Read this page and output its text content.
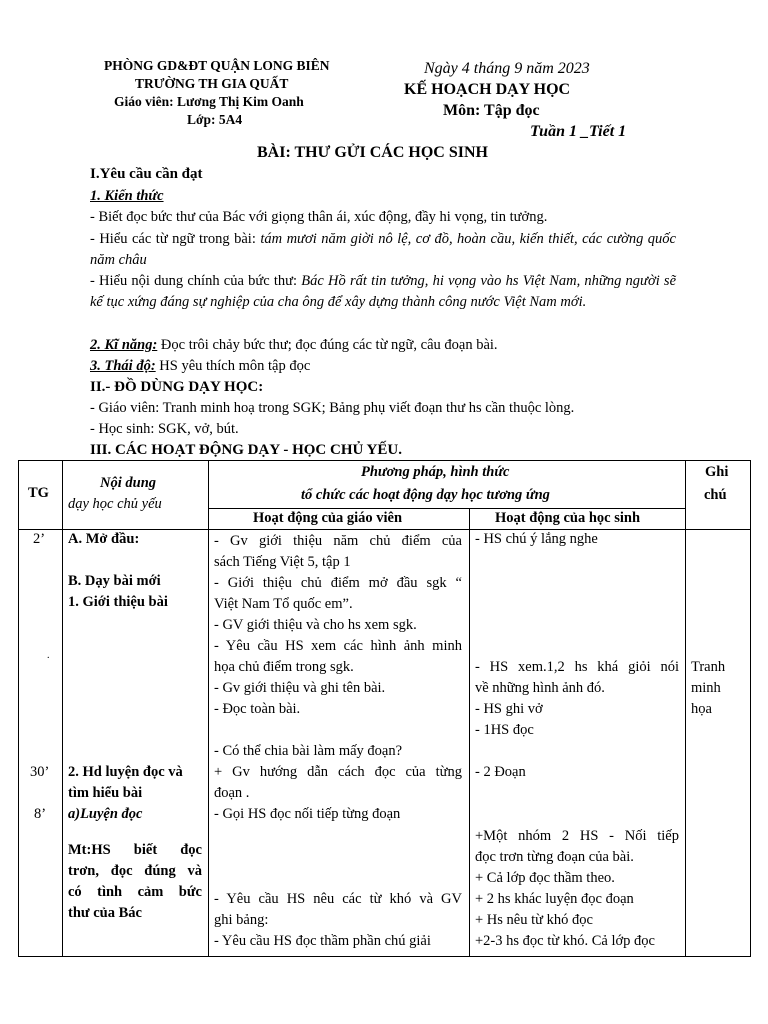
PHÒNG GD&ĐT QUẬN LONG BIÊN
TRƯỜNG TH GIA QUẤT
Giáo viên: Lương Thị Kim Oanh
Lớp: 5A4
Ngày 4 tháng 9 năm 2023
KẾ HOẠCH DẠY HỌC
Môn: Tập đọc
Tuần 1 _Tiết 1
BÀI: THƯ GỬI CÁC HỌC SINH
I.Yêu cầu cần đạt
1. Kiến thức
- Biết đọc bức thư của Bác với giọng thân ái, xúc động, đầy hi vọng, tin tưởng.
- Hiểu các từ ngữ trong bài: tám mươi năm giời nô lệ, cơ đồ, hoàn cầu, kiến thiết, các cường quốc năm châu
- Hiểu nội dung chính của bức thư: Bác Hồ rất tin tưởng, hi vọng vào hs Việt Nam, những người sẽ kế tục xứng đáng sự nghiệp của cha ông để xây dựng thành công nước Việt Nam mới.
2. Kĩ năng: Đọc trôi chảy bức thư; đọc đúng các từ ngữ, câu đoạn bài.
3. Thái độ: HS yêu thích môn tập đọc
II.- ĐỒ DÙNG DẠY HỌC:
- Giáo viên: Tranh minh hoạ trong SGK; Bảng phụ viết đoạn thư hs cần thuộc lòng.
- Học sinh: SGK, vở, bút.
III. CÁC HOẠT ĐỘNG DẠY - HỌC CHỦ YẾU.
TG
Nội dung
dạy học chủ yếu
Phương pháp, hình thức
tổ chức các hoạt động dạy học tương ứng
Ghi
chú
Hoạt động của giáo viên	Hoạt động của học sinh
2’
.
30’
8’
A. Mở đầu:
B. Dạy bài mới
1. Giới thiệu bài
2. Hd luyện đọc và
tìm hiểu bài
a)Luyện đọc
Mt:HS biết đọc
trơn, đọc đúng và
có tình cảm bức
thư của Bác
- Gv giới thiệu năm chủ điểm của
sách Tiếng Việt 5, tập 1
- Giới thiệu chủ điểm mở đầu sgk “
Việt Nam Tổ quốc em”.
- GV giới thiệu và cho hs xem sgk.
- Yêu cầu HS xem các hình ảnh minh
họa chủ điểm trong sgk.
- Gv giới thiệu và ghi tên bài.
- Đọc toàn bài.
- Có thể chia bài làm mấy đoạn?
+ Gv hướng dẫn cách đọc của từng
đoạn .
- Gọi HS đọc nối tiếp từng đoạn
- Yêu cầu HS nêu các từ khó và GV
ghi bảng:
- Yêu cầu HS đọc thầm phần chú giải
- HS chú ý lắng nghe
- HS xem.1,2 hs khá giỏi nói
về những hình ảnh đó.
- HS ghi vở
- 1HS đọc
- 2 Đoạn
+Một nhóm 2 HS - Nối tiếp
đọc trơn từng đoạn của bài.
+ Cả lớp đọc thầm theo.
+ 2 hs khác luyện đọc đoạn
+ Hs nêu từ khó đọc
+2-3 hs đọc từ khó. Cả lớp đọc
Tranh
minh
họa
